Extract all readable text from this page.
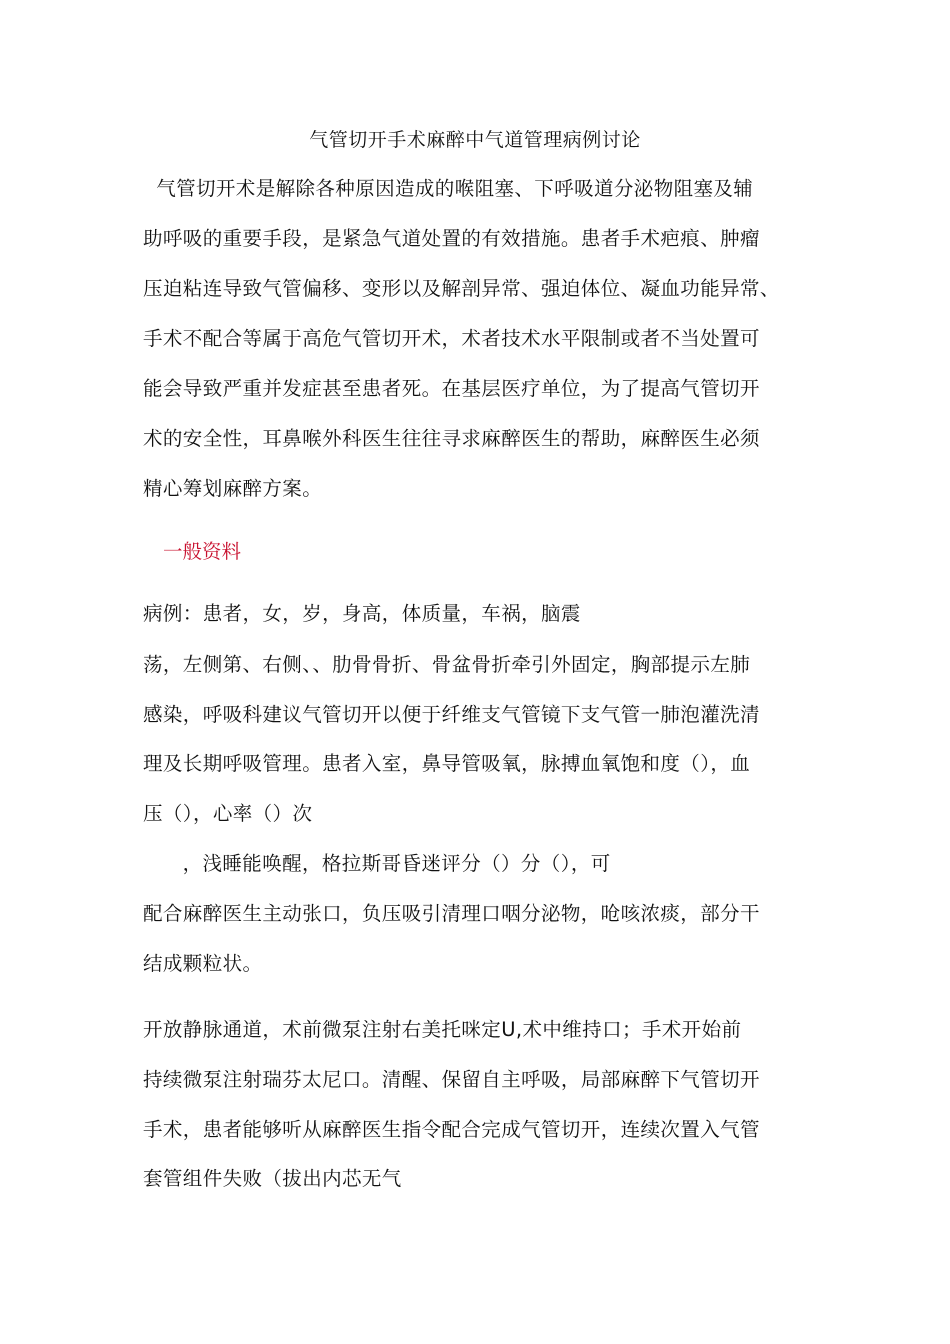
气管切开手术麻醉中气道管理病例讨论
气管切开术是解除各种原因造成的喉阻塞、下呼吸道分泌物阻塞及辅
助呼吸的重要手段，是紧急气道处置的有效措施。患者手术疤痕、肿瘤
压迫粘连导致气管偏移、变形以及解剖异常、强迫体位、凝血功能异常、
手术不配合等属于高危气管切开术，术者技术水平限制或者不当处置可
能会导致严重并发症甚至患者死。在基层医疗单位，为了提高气管切开
术的安全性，耳鼻喉外科医生往往寻求麻醉医生的帮助，麻醉医生必须
精心筹划麻醉方案。
一般资料
病例：患者，女，岁，身高，体质量，车祸，脑震
荡，左侧第、右侧、、肋骨骨折、骨盆骨折牵引外固定，胸部提示左肺
感染，呼吸科建议气管切开以便于纤维支气管镜下支气管一肺泡灌洗清
理及长期呼吸管理。患者入室，鼻导管吸氧，脉搏血氧饱和度（），血
压（），心率（）次
，浅睡能唤醒，格拉斯哥昏迷评分（）分（），可
配合麻醉医生主动张口，负压吸引清理口咽分泌物，呛咳浓痰，部分干
结成颗粒状。
开放静脉通道，术前微泵注射右美托咪定U,术中维持口；手术开始前
持续微泵注射瑞芬太尼口。清醒、保留自主呼吸，局部麻醉下气管切开
手术，患者能够听从麻醉医生指令配合完成气管切开，连续次置入气管
套管组件失败（拔出内芯无气
